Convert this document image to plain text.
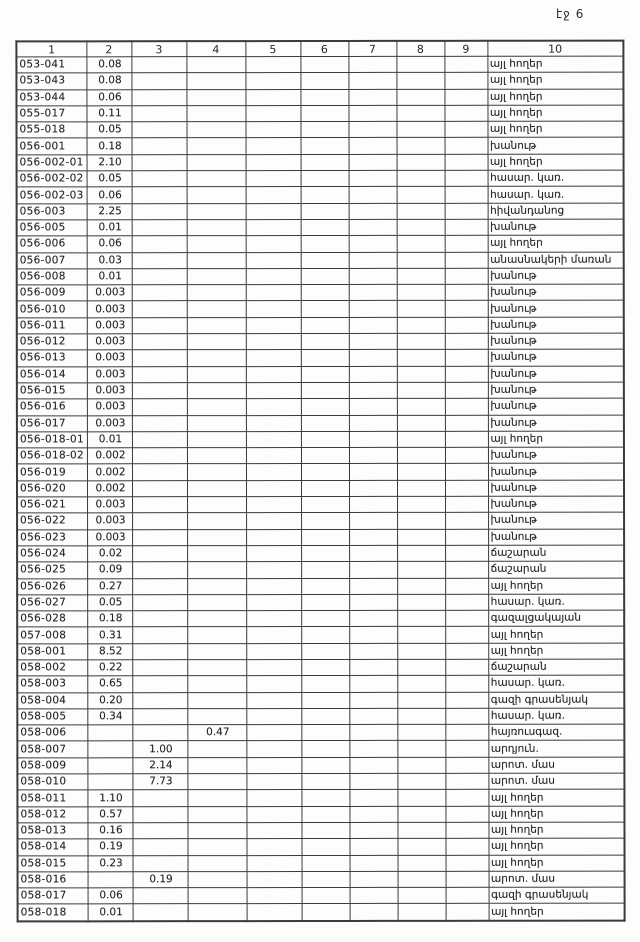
էջ 6
1	2	3	4	5	6	7	8	9	10
053-041	0.08								այլ հողեր
053-043	0.08								այլ հողեր
053-044	0.06								այլ հողեր
055-017	0.11								այլ հողեր
055-018	0.05								այլ հողեր
056-001	0.18								խանութ
056-002-01	2.10								այլ հողեր
056-002-02	0.05								հասար. կառ.
056-002-03	0.06								հասար. կառ.
056-003	2.25								հիվանդանոց
056-005	0.01								խանութ
056-006	0.06								այլ հողեր
056-007	0.03								անասնակերի մառան
056-008	0.01								խանութ
056-009	0.003								խանութ
056-010	0.003								խանութ
056-011	0.003								խանութ
056-012	0.003								խանութ
056-013	0.003								խանութ
056-014	0.003								խանութ
056-015	0.003								խանութ
056-016	0.003								խանութ
056-017	0.003								խանութ
056-018-01	0.01								այլ հողեր
056-018-02	0.002								խանութ
056-019	0.002								խանութ
056-020	0.002								խանութ
056-021	0.003								խանութ
056-022	0.003								խանութ
056-023	0.003								խանութ
056-024	0.02								ճաշարան
056-025	0.09								ճաշարան
056-026	0.27								այլ հողեր
056-027	0.05								հասար. կառ.
056-028	0.18								գազալցակայան
057-008	0.31								այլ հողեր
058-001	8.52								այլ հողեր
058-002	0.22								ճաշարան
058-003	0.65								հասար. կառ.
058-004	0.20								գազի գրասենյակ
058-005	0.34								հասար. կառ.
058-006			0.47						հայռուսգազ.
058-007		1.00							արդյուն.
058-009		2.14							արոտ. մաս
058-010		7.73							արոտ. մաս
058-011	1.10								այլ հողեր
058-012	0.57								այլ հողեր
058-013	0.16								այլ հողեր
058-014	0.19								այլ հողեր
058-015	0.23								այլ հողեր
058-016		0.19							արոտ. մաս
058-017	0.06								գազի գրասենյակ
058-018	0.01								այլ հողեր
